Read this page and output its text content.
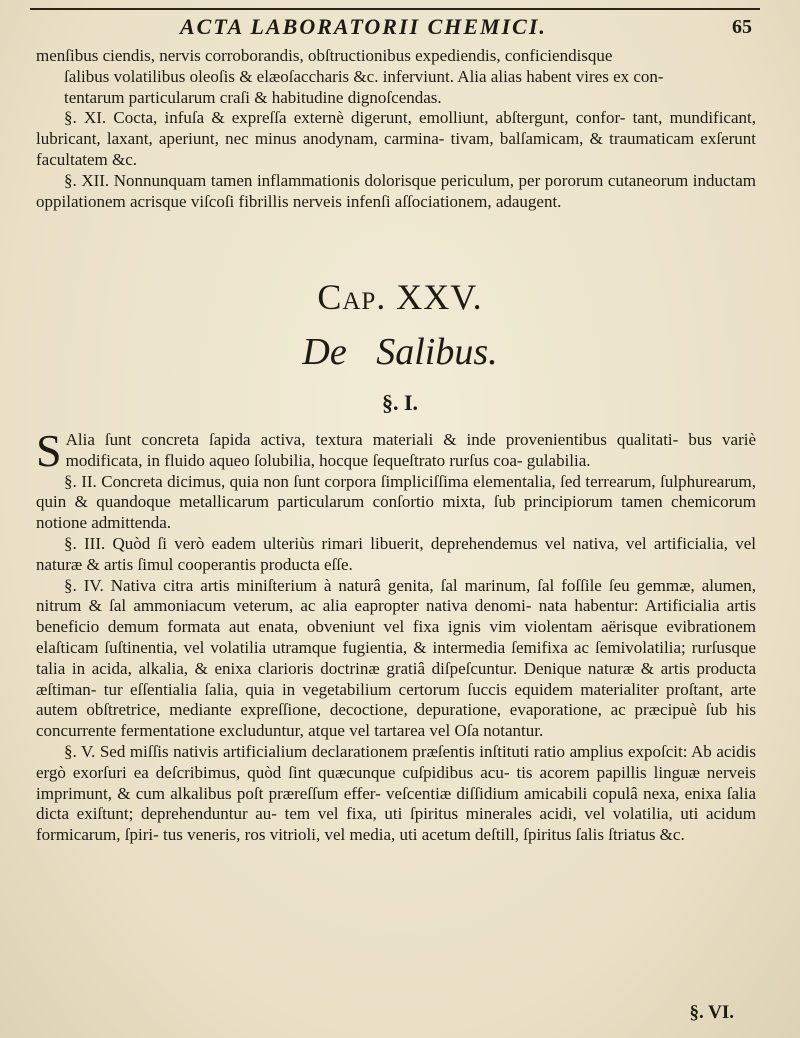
ACTA LABORATORII CHEMICI.	65

menſibus ciendis, nervis corroborandis, obſtructionibus expediendis, conficiendisque

ſalibus volatilibus oleoſis & elæoſaccharis &c. inferviunt. Alia alias habent vires ex con-

tentarum particularum craſi & habitudine dignoſcendas.

§. XI. Cocta, infuſa & expreſſa externè digerunt, emolliunt, abſtergunt, confor- tant, mundificant, lubricant, laxant, aperiunt, nec minus anodynam, carmina- tivam, balſamicam, & traumaticam exſerunt facultatem &c.

§. XII. Nonnunquam tamen inflammationis dolorisque periculum, per pororum cutaneorum inductam oppilationem acrisque viſcoſi fibrillis nerveis infenſi aſſociationem, adaugent.

Cap. XXV.

De Salibus.

§. I.

S Alia ſunt concreta ſapida activa, textura materiali & inde provenientibus qualitati- bus variè modificata, in fluido aqueo ſolubilia, hocque ſequeſtrato rurſus coa- gulabilia.

§. II. Concreta dicimus, quia non ſunt corpora ſimpliciſſima elementalia, ſed terrearum, ſulphurearum, quin & quandoque metallicarum particularum conſortio mixta, ſub principiorum tamen chemicorum notione admittenda.

§. III. Quòd ſi verò eadem ulteriùs rimari libuerit, deprehendemus vel nativa, vel artificialia, vel naturæ & artis ſimul cooperantis producta eſſe.

§. IV. Nativa citra artis miniſterium à naturâ genita, ſal marinum, ſal foſſile ſeu gemmæ, alumen, nitrum & ſal ammoniacum veterum, ac alia eapropter nativa denomi- nata habentur: Artificialia artis beneficio demum formata aut enata, obveniunt vel fixa ignis vim violentam aërisque evibrationem elaſticam ſuſtinentia, vel volatilia utramque fugientia, & intermedia ſemifixa ac ſemivolatilia; rurſusque talia in acida, alkalia, & enixa clarioris doctrinæ gratiâ diſpeſcuntur. Denique naturæ & artis producta æſtiman- tur eſſentialia ſalia, quia in vegetabilium certorum ſuccis equidem materialiter proſtant, arte autem obſtretrice, mediante expreſſione, decoctione, depuratione, evaporatione, ac præcipuè ſub his concurrente fermentatione excluduntur, atque vel tartarea vel Oſa notantur.

§. V. Sed miſſis nativis artificialium declarationem præſentis inſtituti ratio amplius expoſcit: Ab acidis ergò exorſuri ea deſcribimus, quòd ſint quæcunque cuſpidibus acu- tis acorem papillis linguæ nerveis imprimunt, & cum alkalibus poſt præreſſum effer- veſcentiæ diſſidium amicabili copulâ nexa, enixa ſalia dicta exiſtunt; deprehenduntur au- tem vel fixa, uti ſpiritus minerales acidi, vel volatilia, uti acidum formicarum, ſpiri- tus veneris, ros vitrioli, vel media, uti acetum deſtill, ſpiritus ſalis ſtriatus &c.

§. VI.
